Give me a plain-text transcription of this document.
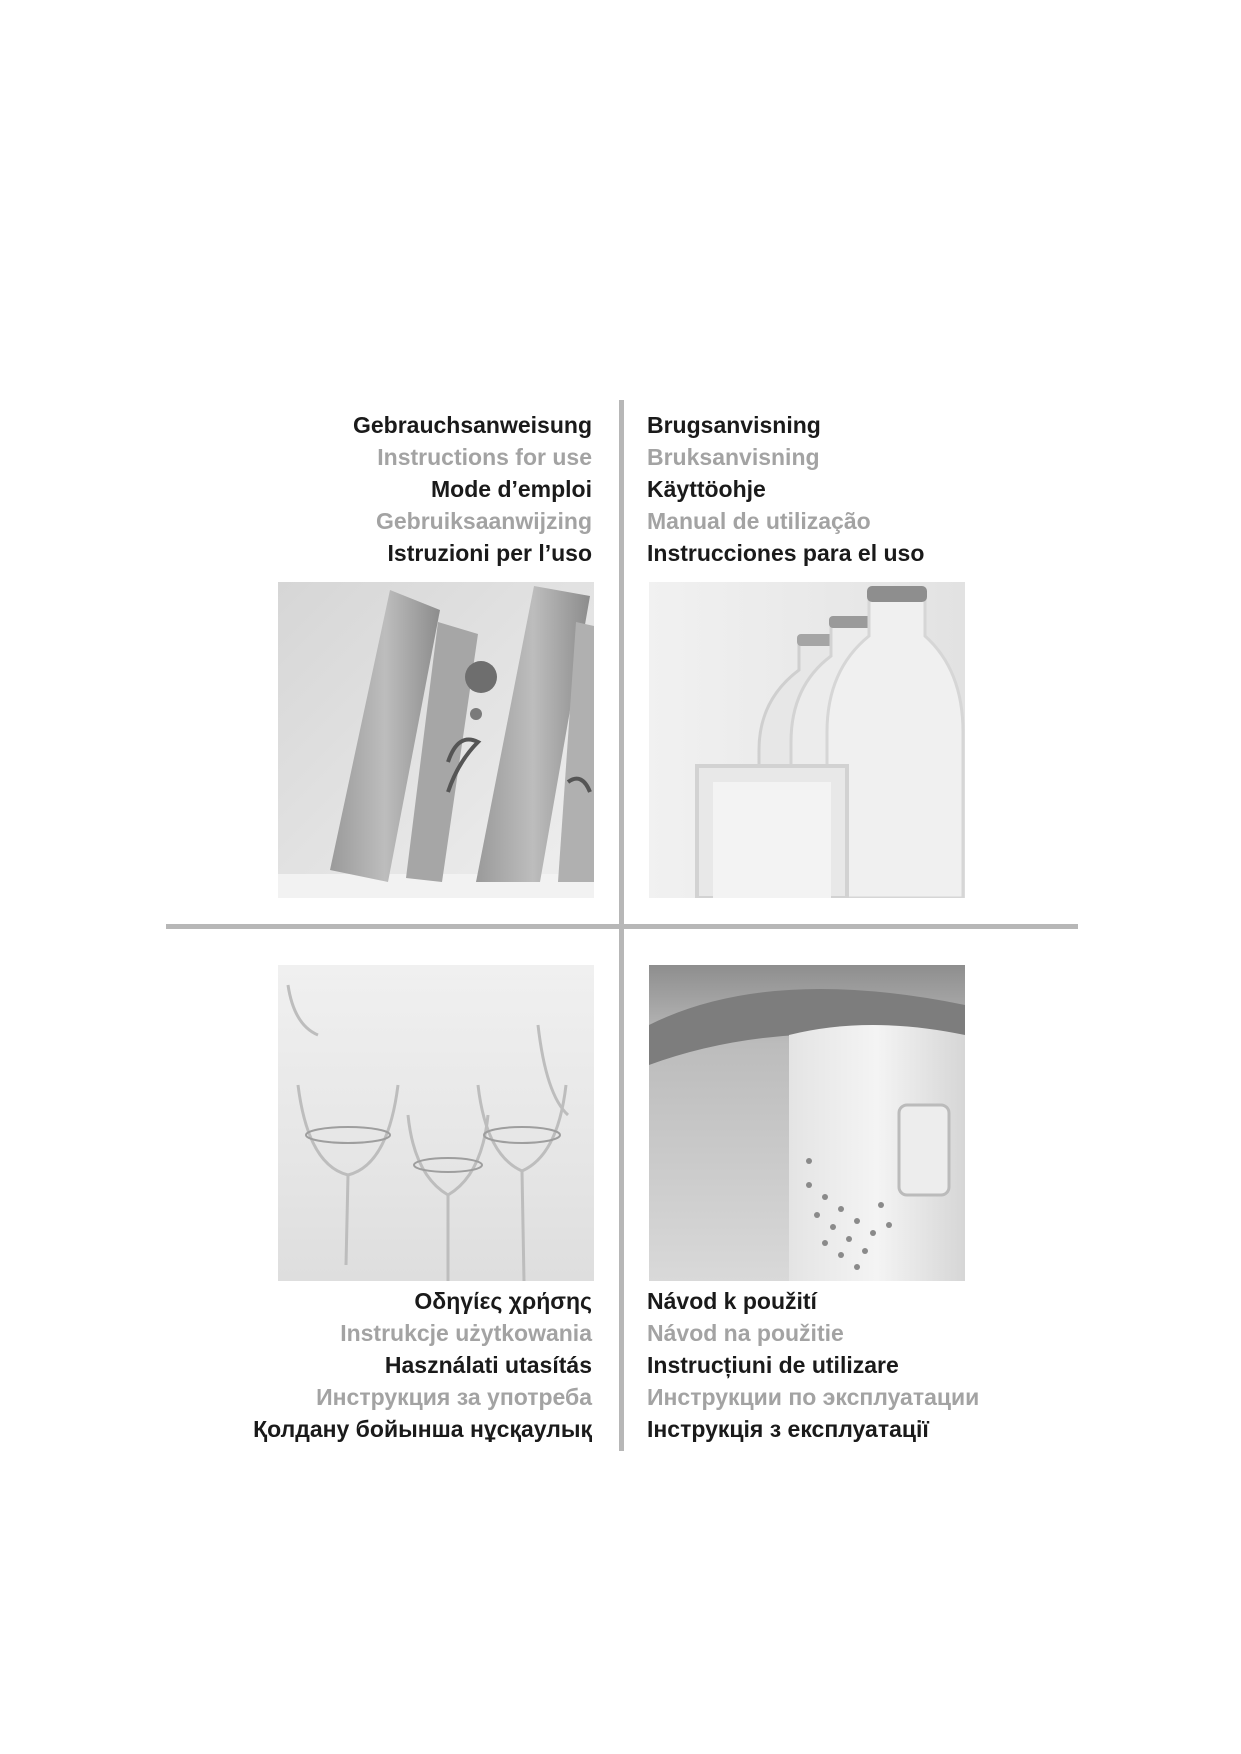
Gebrauchsanweisung
Instructions for use
Mode d’emploi
Gebruiksaanwijzing
Istruzioni per l’uso
Brugsanvisning
Bruksanvisning
Käyttöohje
Manual de utilização
Instrucciones para el uso
Οδηγίες χρήσης
Instrukcje użytkowania
Használati utasítás
Инструкция за употреба
Қолдану бойынша нұсқаулық
Návod k použití
Návod na použitie
Instrucțiuni de utilizare
Инструкции по эксплуатации
Інструкція з експлуатації
